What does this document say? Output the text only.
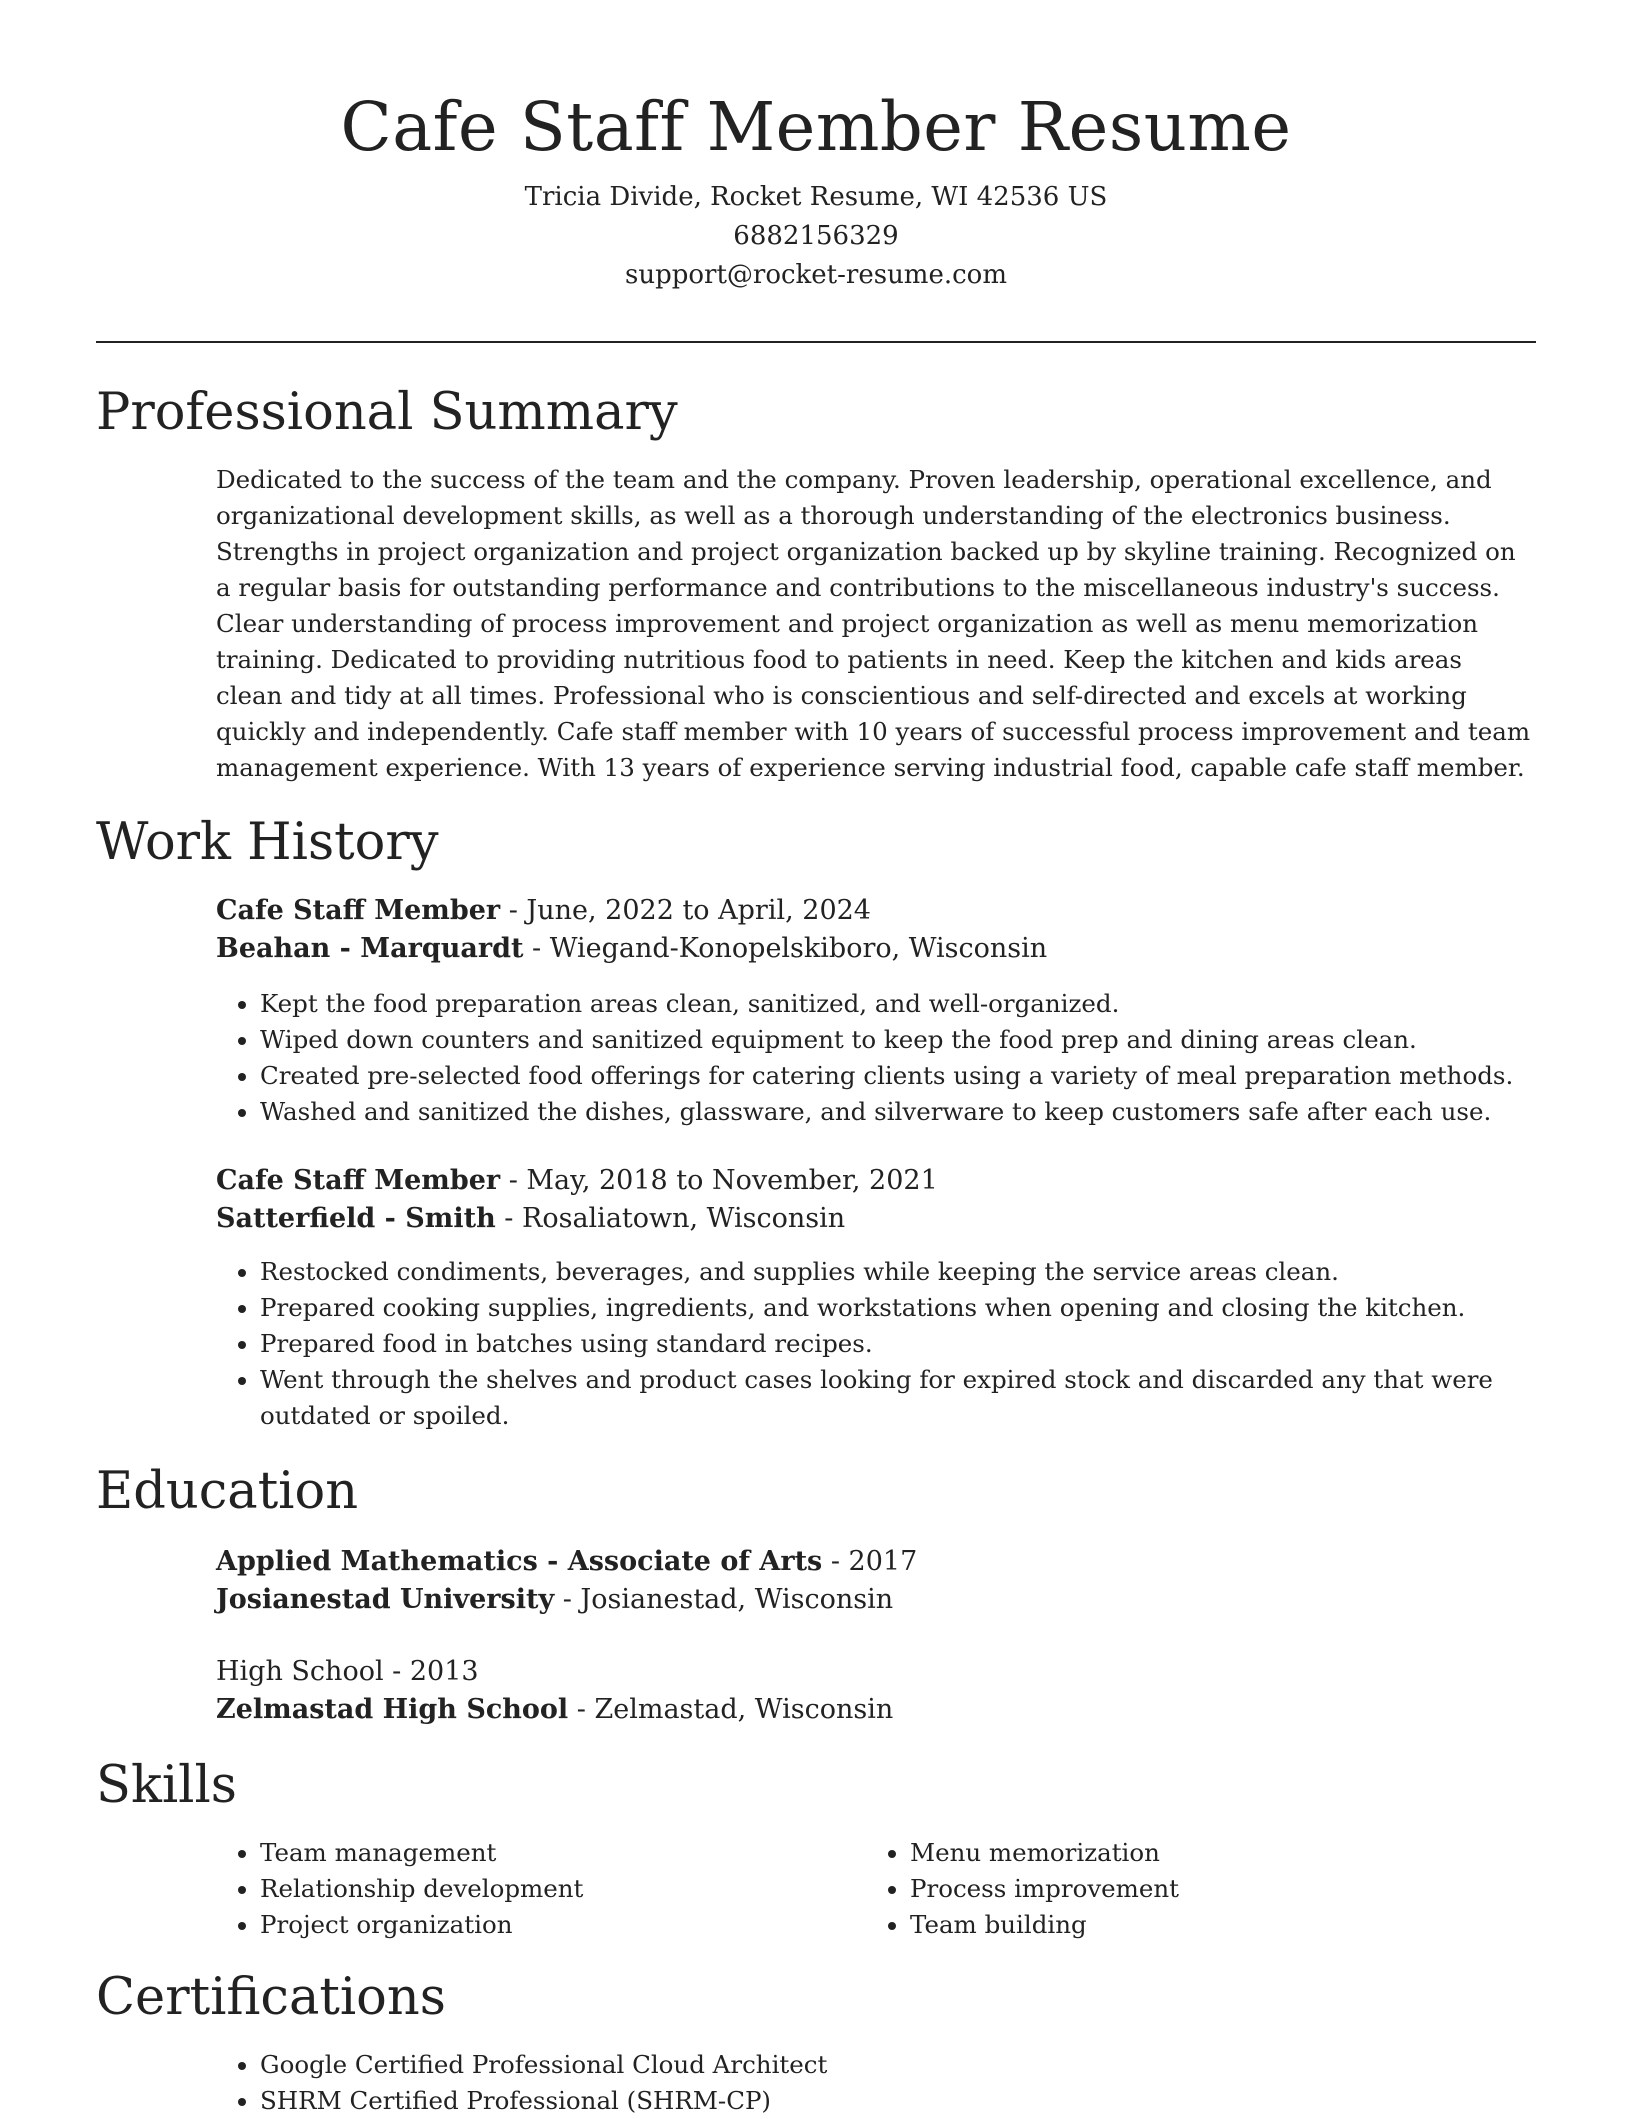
Cafe Staff Member Resume
Tricia Divide, Rocket Resume, WI 42536 US
6882156329
support@rocket-resume.com
Professional Summary
Dedicated to the success of the team and the company. Proven leadership, operational excellence, and organizational development skills, as well as a thorough understanding of the electronics business. Strengths in project organization and project organization backed up by skyline training. Recognized on a regular basis for outstanding performance and contributions to the miscellaneous industry's success. Clear understanding of process improvement and project organization as well as menu memorization training. Dedicated to providing nutritious food to patients in need. Keep the kitchen and kids areas clean and tidy at all times. Professional who is conscientious and self-directed and excels at working quickly and independently. Cafe staff member with 10 years of successful process improvement and team management experience. With 13 years of experience serving industrial food, capable cafe staff member.
Work History
Cafe Staff Member - June, 2022 to April, 2024
Beahan - Marquardt - Wiegand-Konopelskiboro, Wisconsin
• Kept the food preparation areas clean, sanitized, and well-organized.
• Wiped down counters and sanitized equipment to keep the food prep and dining areas clean.
• Created pre-selected food offerings for catering clients using a variety of meal preparation methods.
• Washed and sanitized the dishes, glassware, and silverware to keep customers safe after each use.
Cafe Staff Member - May, 2018 to November, 2021
Satterfield - Smith - Rosaliatown, Wisconsin
• Restocked condiments, beverages, and supplies while keeping the service areas clean.
• Prepared cooking supplies, ingredients, and workstations when opening and closing the kitchen.
• Prepared food in batches using standard recipes.
• Went through the shelves and product cases looking for expired stock and discarded any that were outdated or spoiled.
Education
Applied Mathematics - Associate of Arts - 2017
Josianestad University - Josianestad, Wisconsin
High School - 2013
Zelmastad High School - Zelmastad, Wisconsin
Skills
• Team management
• Relationship development
• Project organization
• Menu memorization
• Process improvement
• Team building
Certifications
• Google Certified Professional Cloud Architect
• SHRM Certified Professional (SHRM-CP)
